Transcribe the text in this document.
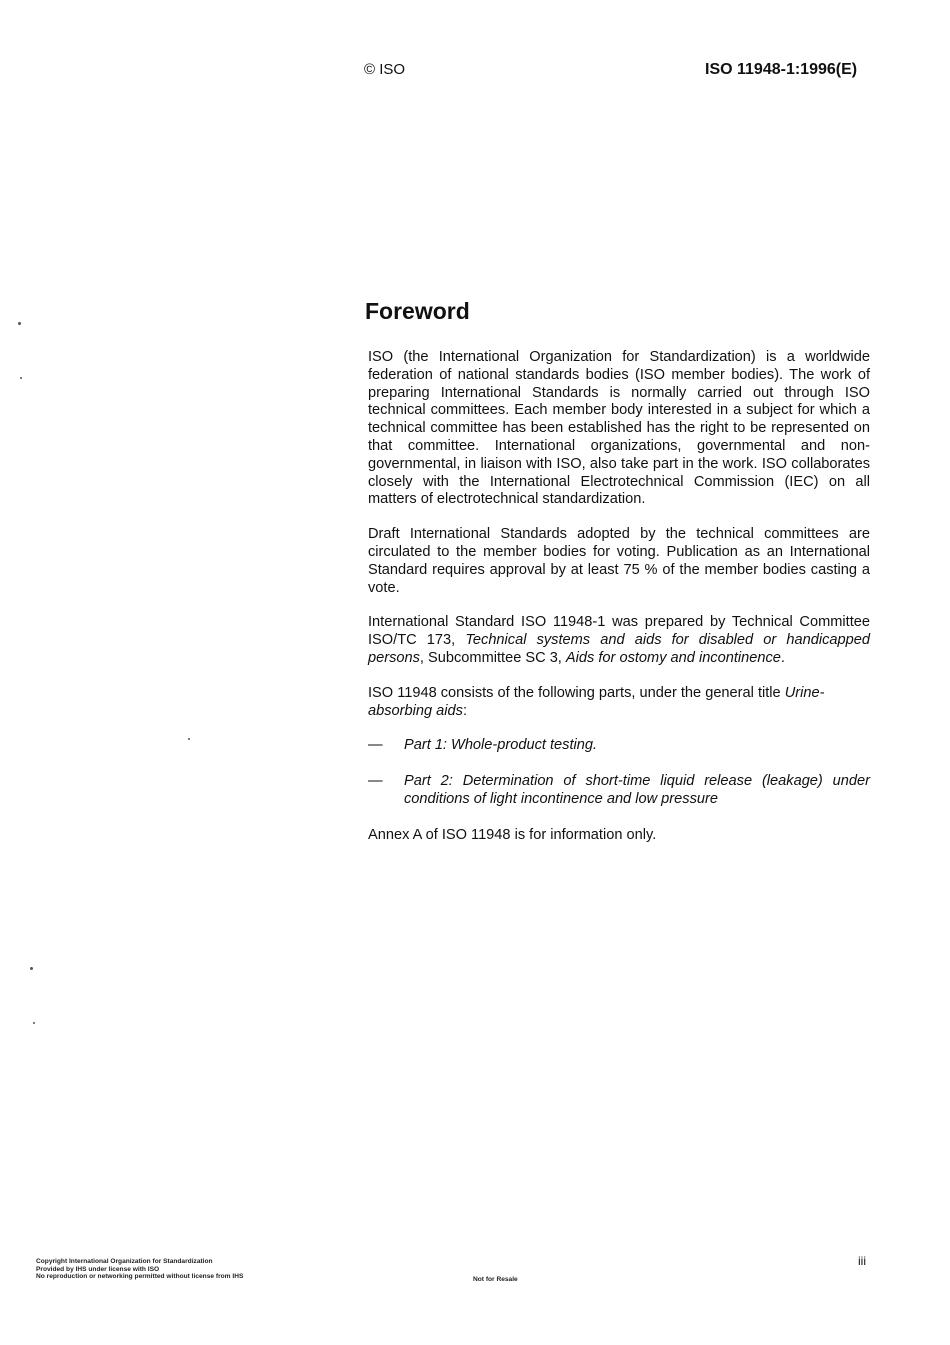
© ISO	ISO 11948-1:1996(E)
Foreword

ISO (the International Organization for Standardization) is a worldwide federation of national standards bodies (ISO member bodies). The work of preparing International Standards is normally carried out through ISO technical committees. Each member body interested in a subject for which a technical committee has been established has the right to be represented on that committee. International organizations, governmental and non-governmental, in liaison with ISO, also take part in the work. ISO collaborates closely with the International Electrotechnical Commission (IEC) on all matters of electrotechnical standardization.

Draft International Standards adopted by the technical committees are circulated to the member bodies for voting. Publication as an International Standard requires approval by at least 75 % of the member bodies casting a vote.

International Standard ISO 11948-1 was prepared by Technical Committee ISO/TC 173, Technical systems and aids for disabled or handicapped persons, Subcommittee SC 3, Aids for ostomy and incontinence.

ISO 11948 consists of the following parts, under the general title Urine-absorbing aids:

— Part 1: Whole-product testing.
— Part 2: Determination of short-time liquid release (leakage) under conditions of light incontinence and low pressure

Annex A of ISO 11948 is for information only.

Copyright International Organization for Standardization
Provided by IHS under license with ISO
No reproduction or networking permitted without license from IHS	Not for Resale
iii
